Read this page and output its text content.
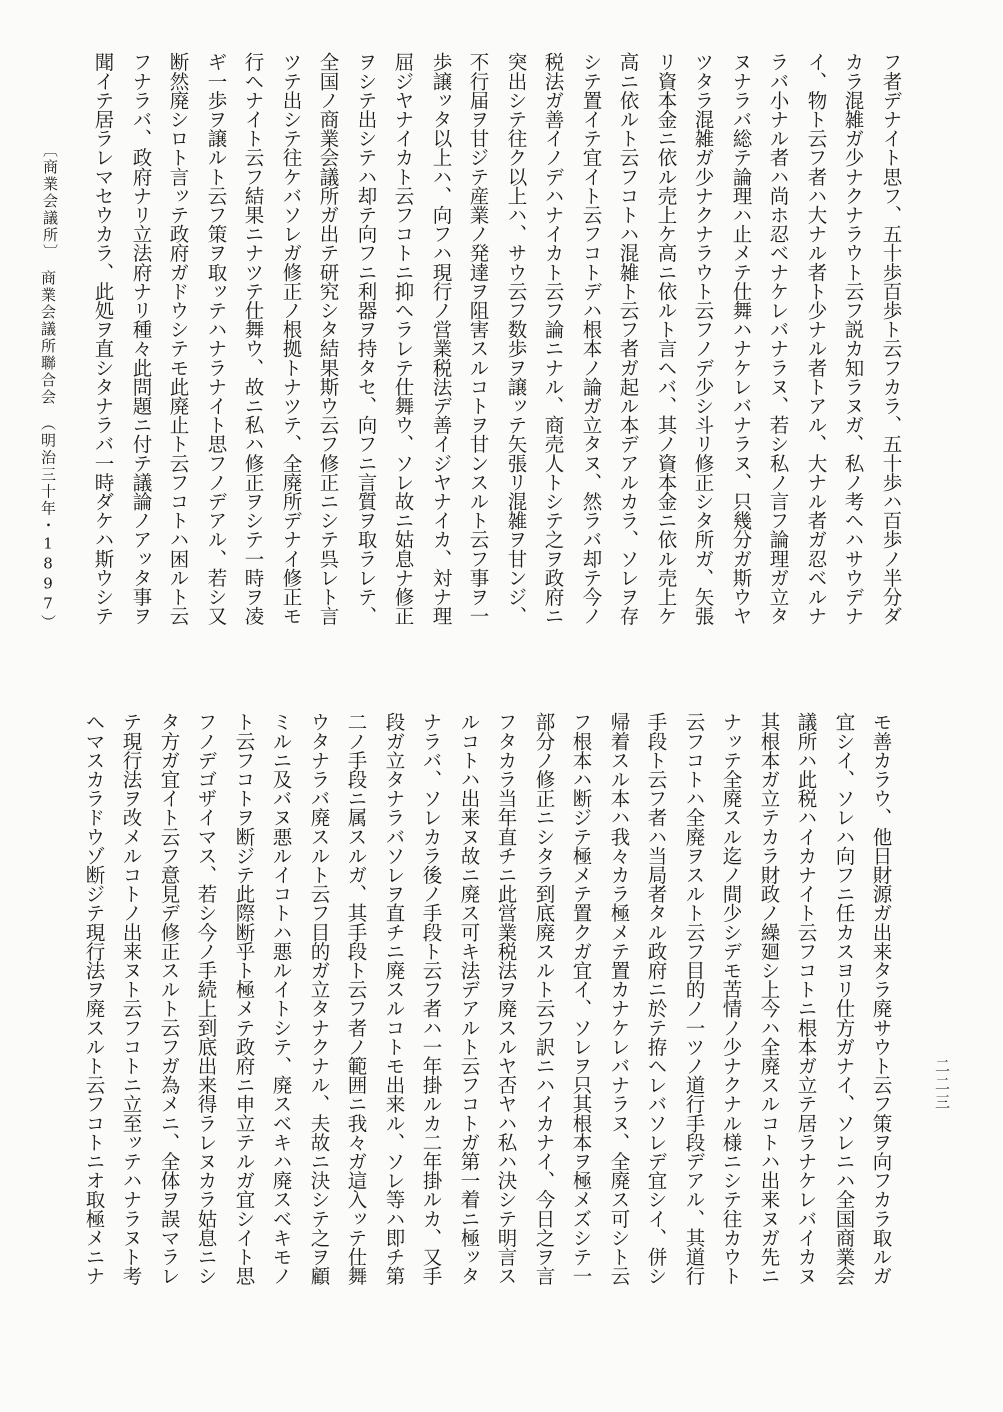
フ者デナイト思フ、五十歩百歩ト云フカラ、五十歩ハ百歩ノ半分ダ
カラ混雑ガ少ナクナラウト云フ説カ知ラヌガ、私ノ考ヘハサウデナ
イ、物ト云フ者ハ大ナル者ト少ナル者トアル、大ナル者ガ忍ベルナ
ラバ小ナル者ハ尚ホ忍ベナケレバナラヌ、若シ私ノ言フ論理ガ立タ
ヌナラバ総テ論理ハ止メテ仕舞ハナケレバナラヌ、只幾分ガ斯ウヤ
ツタラ混雑ガ少ナクナラウト云フノデ少シ斗リ修正シタ所ガ、矢張
リ資本金ニ依ル売上ケ高ニ依ルト言ヘバ、其ノ資本金ニ依ル売上ケ
高ニ依ルト云フコトハ混雑ト云フ者ガ起ル本デアルカラ、ソレヲ存
シテ置イテ宜イト云フコトデハ根本ノ論ガ立タヌ、然ラバ却テ今ノ
税法ガ善イノデハナイカト云フ論ニナル、商売人トシテ之ヲ政府ニ
突出シテ往ク以上ハ、サウ云フ数歩ヲ譲ッテ矢張リ混雑ヲ甘ンジ、
不行届ヲ甘ジテ産業ノ発達ヲ阻害スルコトヲ甘ンスルト云フ事ヲ一
歩譲ッタ以上ハ、向フハ現行ノ営業税法デ善イジヤナイカ、対ナ理
屈ジヤナイカト云フコトニ抑ヘラレテ仕舞ウ、ソレ故ニ姑息ナ修正
ヲシテ出シテハ却テ向フニ利器ヲ持タセ、向フニ言質ヲ取ラレテ、
全国ノ商業会議所ガ出テ研究シタ結果斯ウ云フ修正ニシテ呉レト言
ツテ出シテ往ケバソレガ修正ノ根拠トナツテ、全廃所デナイ修正モ
行ヘナイト云フ結果ニナツテ仕舞ウ、故ニ私ハ修正ヲシテ一時ヲ凌
ギ一歩ヲ譲ルト云フ策ヲ取ッテハナラナイト思フノデアル、若シ又
断然廃シロト言ッテ政府ガドウシテモ此廃止ト云フコトハ困ルト云
フナラバ、政府ナリ立法府ナリ種々此問題ニ付テ議論ノアッタ事ヲ
聞イテ居ラレマセウカラ、此処ヲ直シタナラバ一時ダケハ斯ウシテ
モ善カラウ、他日財源ガ出来タラ廃サウト云フ策ヲ向フカラ取ルガ
宜シイ、ソレハ向フニ任カスヨリ仕方ガナイ、ソレニハ全国商業会
議所ハ此税ハイカナイト云フコトニ根本ガ立テ居ラナケレバイカヌ
其根本ガ立テカラ財政ノ繰廻シ上今ハ全廃スルコトハ出来ヌガ先ニ
ナッテ全廃スル迄ノ間少シデモ苦情ノ少ナクナル様ニシテ往カウト
云フコトハ全廃ヲスルト云フ目的ノ一ツノ道行手段デアル、其道行
手段ト云フ者ハ当局者タル政府ニ於テ拵ヘレバソレデ宜シイ、併シ
帰着スル本ハ我々カラ極メテ置カナケレバナラヌ、全廃ス可シト云
フ根本ハ断ジテ極メテ置クガ宜イ、ソレヲ只其根本ヲ極メズシテ一
部分ノ修正ニシタラ到底廃スルト云フ訳ニハイカナイ、今日之ヲ言
フタカラ当年直チニ此営業税法ヲ廃スルヤ否ヤハ私ハ決シテ明言ス
ルコトハ出来ヌ故ニ廃ス可キ法デアルト云フコトガ第一着ニ極ッタ
ナラバ、ソレカラ後ノ手段ト云フ者ハ一年掛ルカ二年掛ルカ、又手
段ガ立タナラバソレヲ直チニ廃スルコトモ出来ル、ソレ等ハ即チ第
二ノ手段ニ属スルガ、其手段ト云フ者ノ範囲ニ我々ガ這入ッテ仕舞
ウタナラバ廃スルト云フ目的ガ立タナクナル、夫故ニ決シテ之ヲ顧
ミルニ及バヌ悪ルイコトハ悪ルイトシテ、廃スベキハ廃スベキモノ
ト云フコトヲ断ジテ此際断乎ト極メテ政府ニ申立テルガ宜シイト思
フノデゴザイマス、若シ今ノ手続上到底出来得ラレヌカラ姑息ニシ
タ方ガ宜イト云フ意見デ修正スルト云フガ為メニ、全体ヲ誤マラレ
テ現行法ヲ改メルコトノ出来ヌト云フコトニ立至ッテハナラヌト考
ヘマスカラドウゾ断ジテ現行法ヲ廃スルト云フコトニオ取極メニナ
〔商業会議所〕
商業会議所聯合会　（明治三十年・1897）
二二三
